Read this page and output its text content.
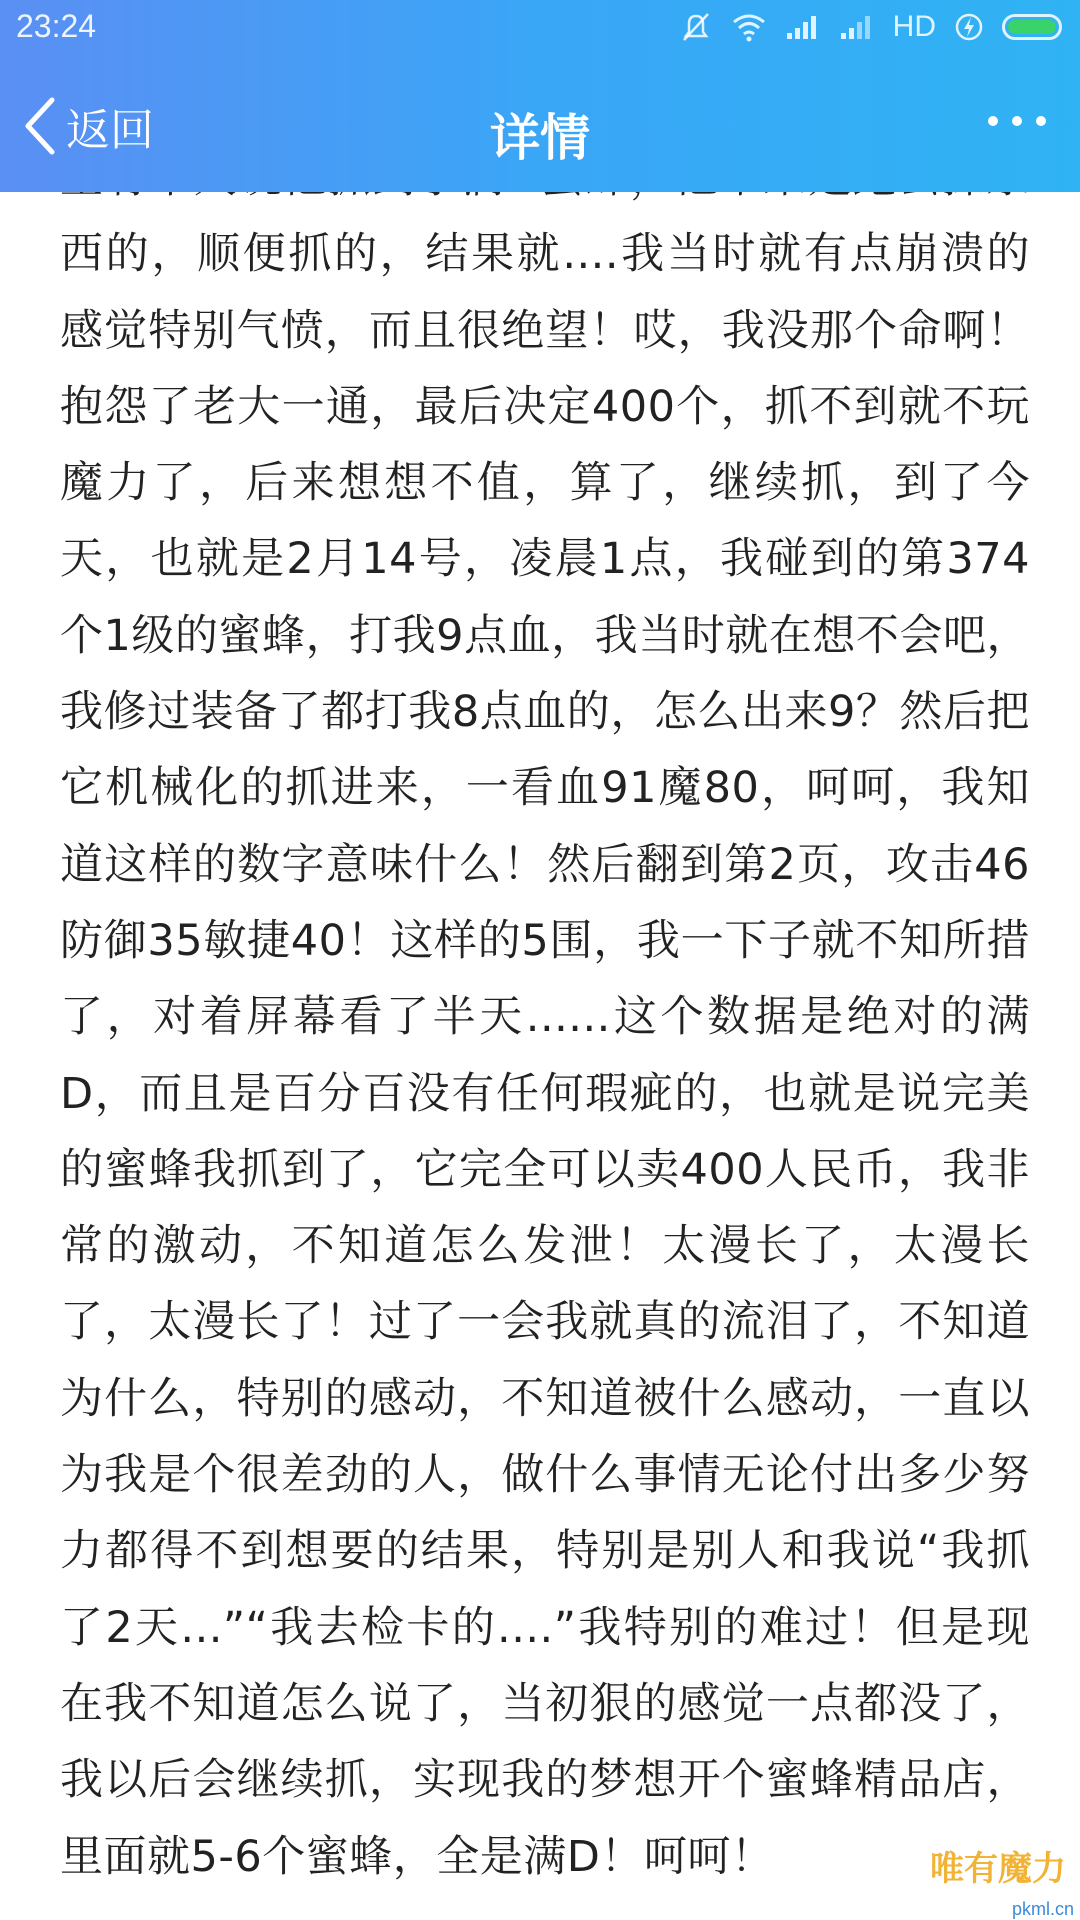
23:24	HD
返回	详情

西的，顺便抓的，结果就....我当时就有点崩溃的感觉特别气愤，而且很绝望！哎，我没那个命啊！抱怨了老大一通，最后决定400个，抓不到就不玩魔力了，后来想想不值，算了，继续抓，到了今天，也就是2月14号，凌晨1点，我碰到的第374个1级的蜜蜂，打我9点血，我当时就在想不会吧，我修过装备了都打我8点血的，怎么出来9？然后把它机械化的抓进来，一看血91魔80，呵呵，我知道这样的数字意味什么！然后翻到第2页，攻击46防御35敏捷40！这样的5围，我一下子就不知所措了，对着屏幕看了半天......这个数据是绝对的满D，而且是百分百没有任何瑕疵的，也就是说完美的蜜蜂我抓到了，它完全可以卖400人民币，我非常的激动，不知道怎么发泄！太漫长了，太漫长了，太漫长了！过了一会我就真的流泪了，不知道为什么，特别的感动，不知道被什么感动，一直以为我是个很差劲的人，做什么事情无论付出多少努力都得不到想要的结果，特别是别人和我说“我抓了2天...”“我去检卡的....”我特别的难过！但是现在我不知道怎么说了，当初狠的感觉一点都没了，我以后会继续抓，实现我的梦想开个蜜蜂精品店，里面就5-6个蜜蜂，全是满D！呵呵！	唯有魔力
pkml.cn
